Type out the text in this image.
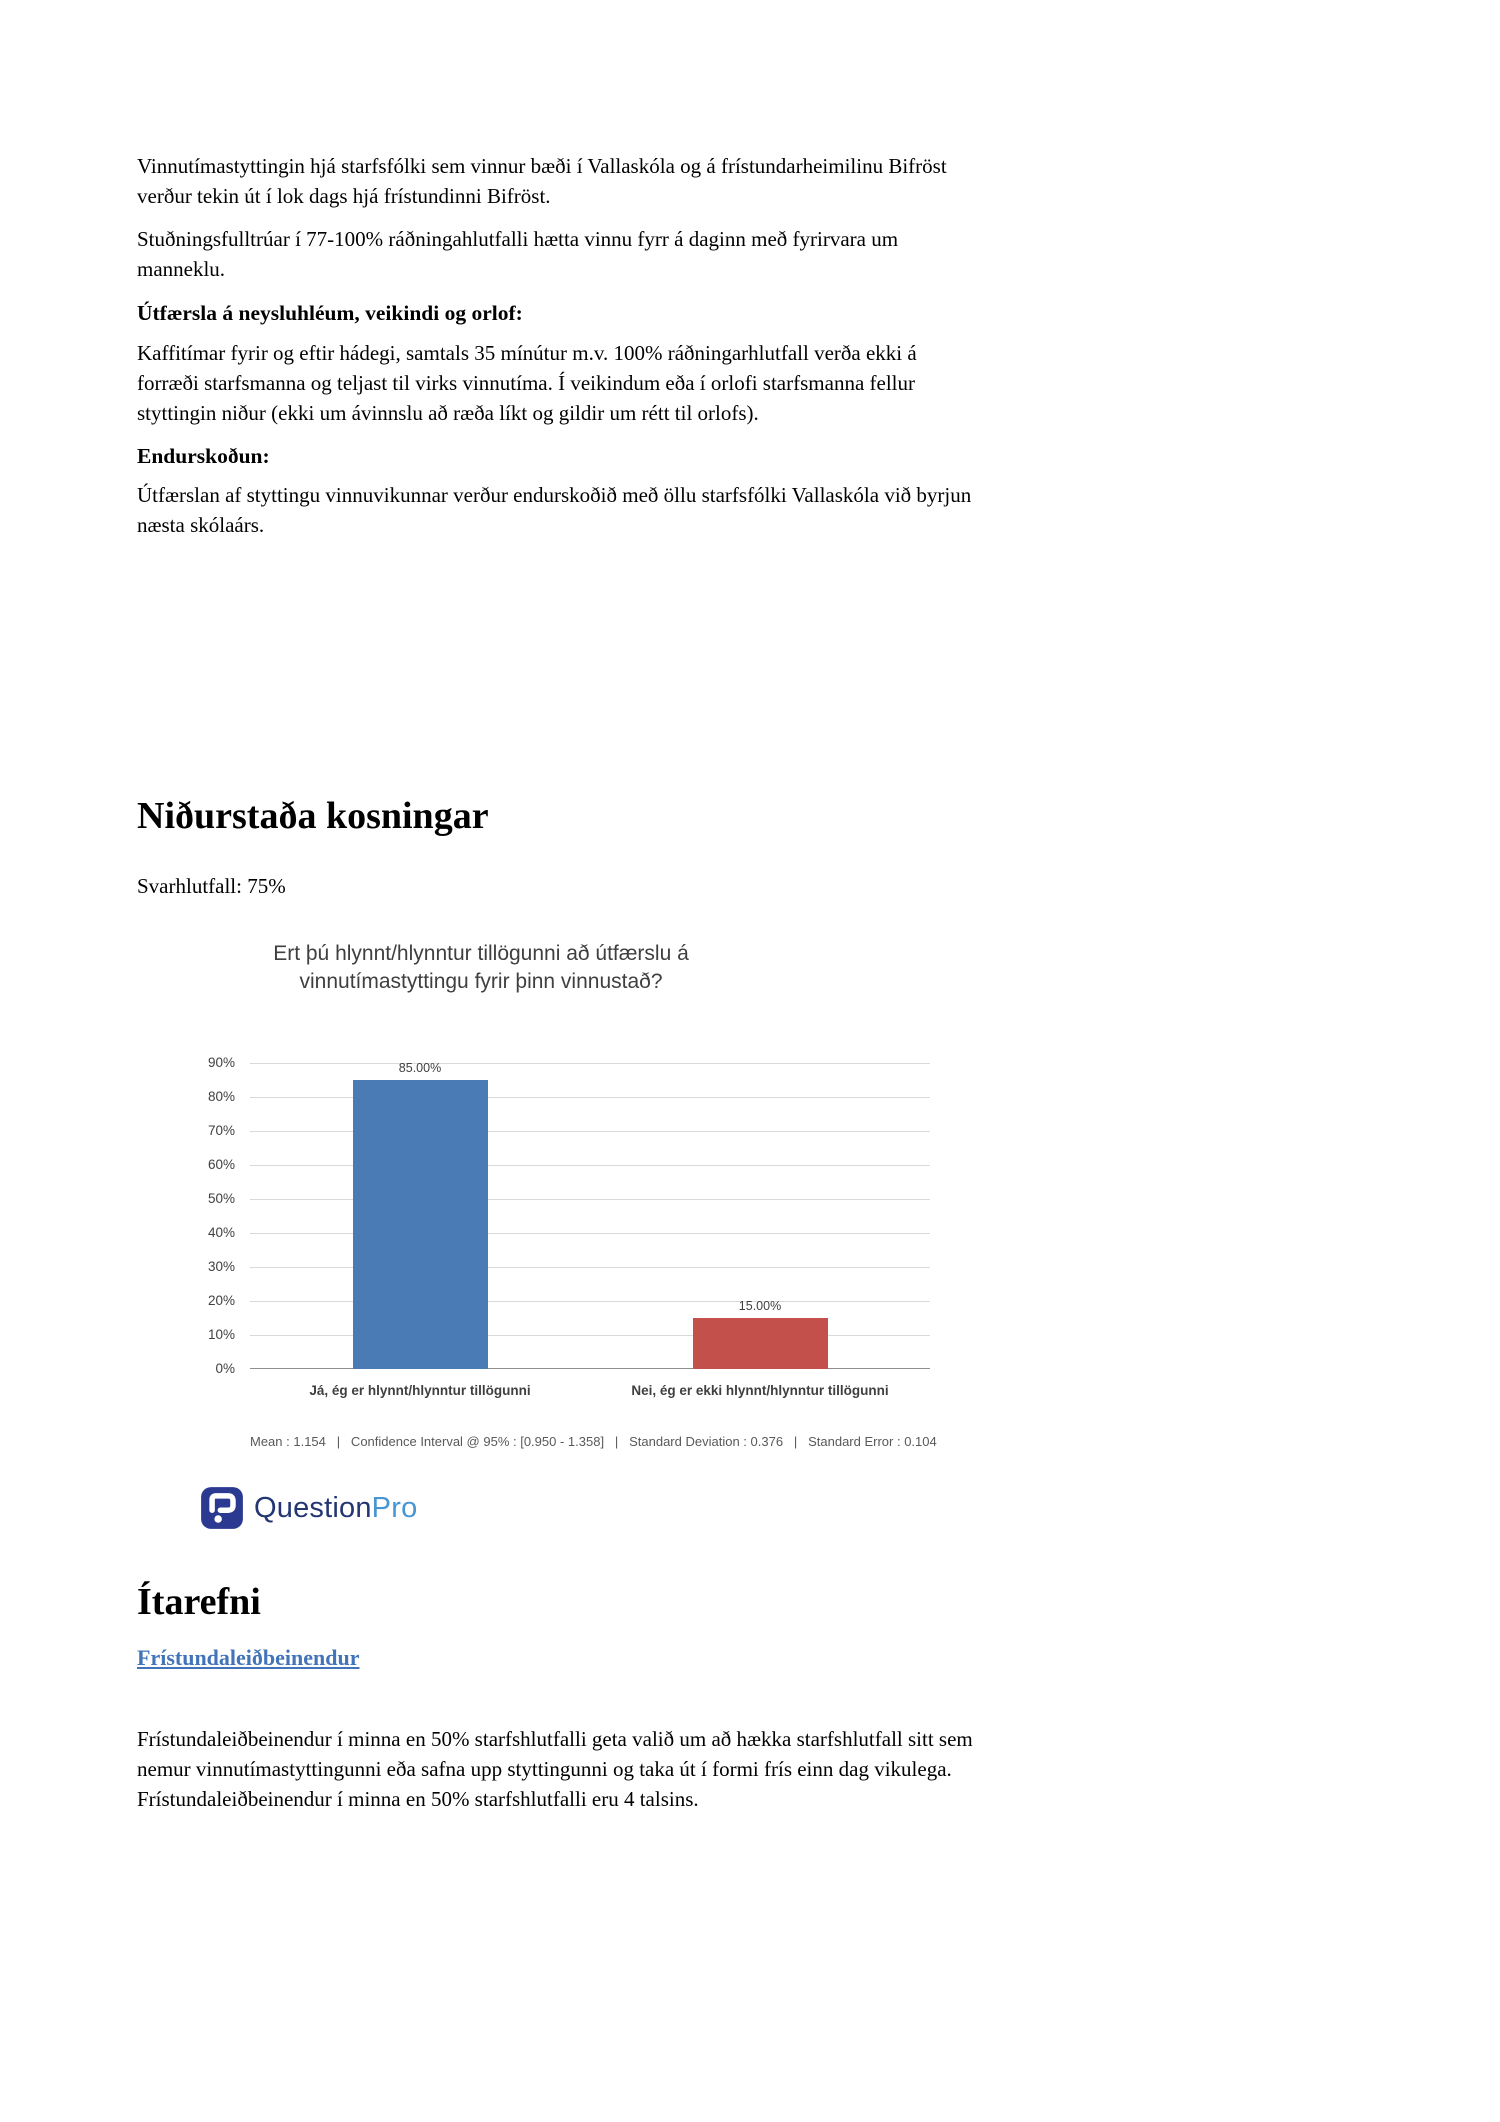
Vinnutímastyttingin hjá starfsfólki sem vinnur bæði í Vallaskóla og á frístundarheimilinu Bifröst verður tekin út í lok dags hjá frístundinni Bifröst.

Stuðningsfulltrúar í 77-100% ráðningahlutfalli hætta vinnu fyrr á daginn með fyrirvara um manneklu.

Útfærsla á neysluhléum, veikindi og orlof:

Kaffitímar fyrir og eftir hádegi, samtals 35 mínútur m.v. 100% ráðningarhlutfall verða ekki á forræði starfsmanna og teljast til virks vinnutíma. Í veikindum eða í orlofi starfsmanna fellur styttingin niður (ekki um ávinnslu að ræða líkt og gildir um rétt til orlofs).

Endurskoðun:

Útfærslan af styttingu vinnuvikunnar verður endurskoðið með öllu starfsfólki Vallaskóla við byrjun næsta skólaárs.

Niðurstaða kosningar

Svarhlutfall: 75%

Ert þú hlynnt/hlynntur tillögunni að útfærslu á vinnutímastyttingu fyrir þinn vinnustað?
0%
10%
20%
30%
40%
50%
60%
70%
80%
90%	85.00%
15.00%
Já, ég er hlynnt/hlynntur tillögunni	Nei, ég er ekki hlynnt/hlynntur tillögunni
Mean : 1.154   |   Confidence Interval @ 95% : [0.950 - 1.358]   |   Standard Deviation : 0.376   |   Standard Error : 0.104
QuestionPro
Ítarefni
Frístundaleiðbeinendur

Frístundaleiðbeinendur í minna en 50% starfshlutfalli geta valið um að hækka starfshlutfall sitt sem nemur vinnutímastyttingunni eða safna upp styttingunni og taka út í formi frís einn dag vikulega. Frístundaleiðbeinendur í minna en 50% starfshlutfalli eru 4 talsins.
